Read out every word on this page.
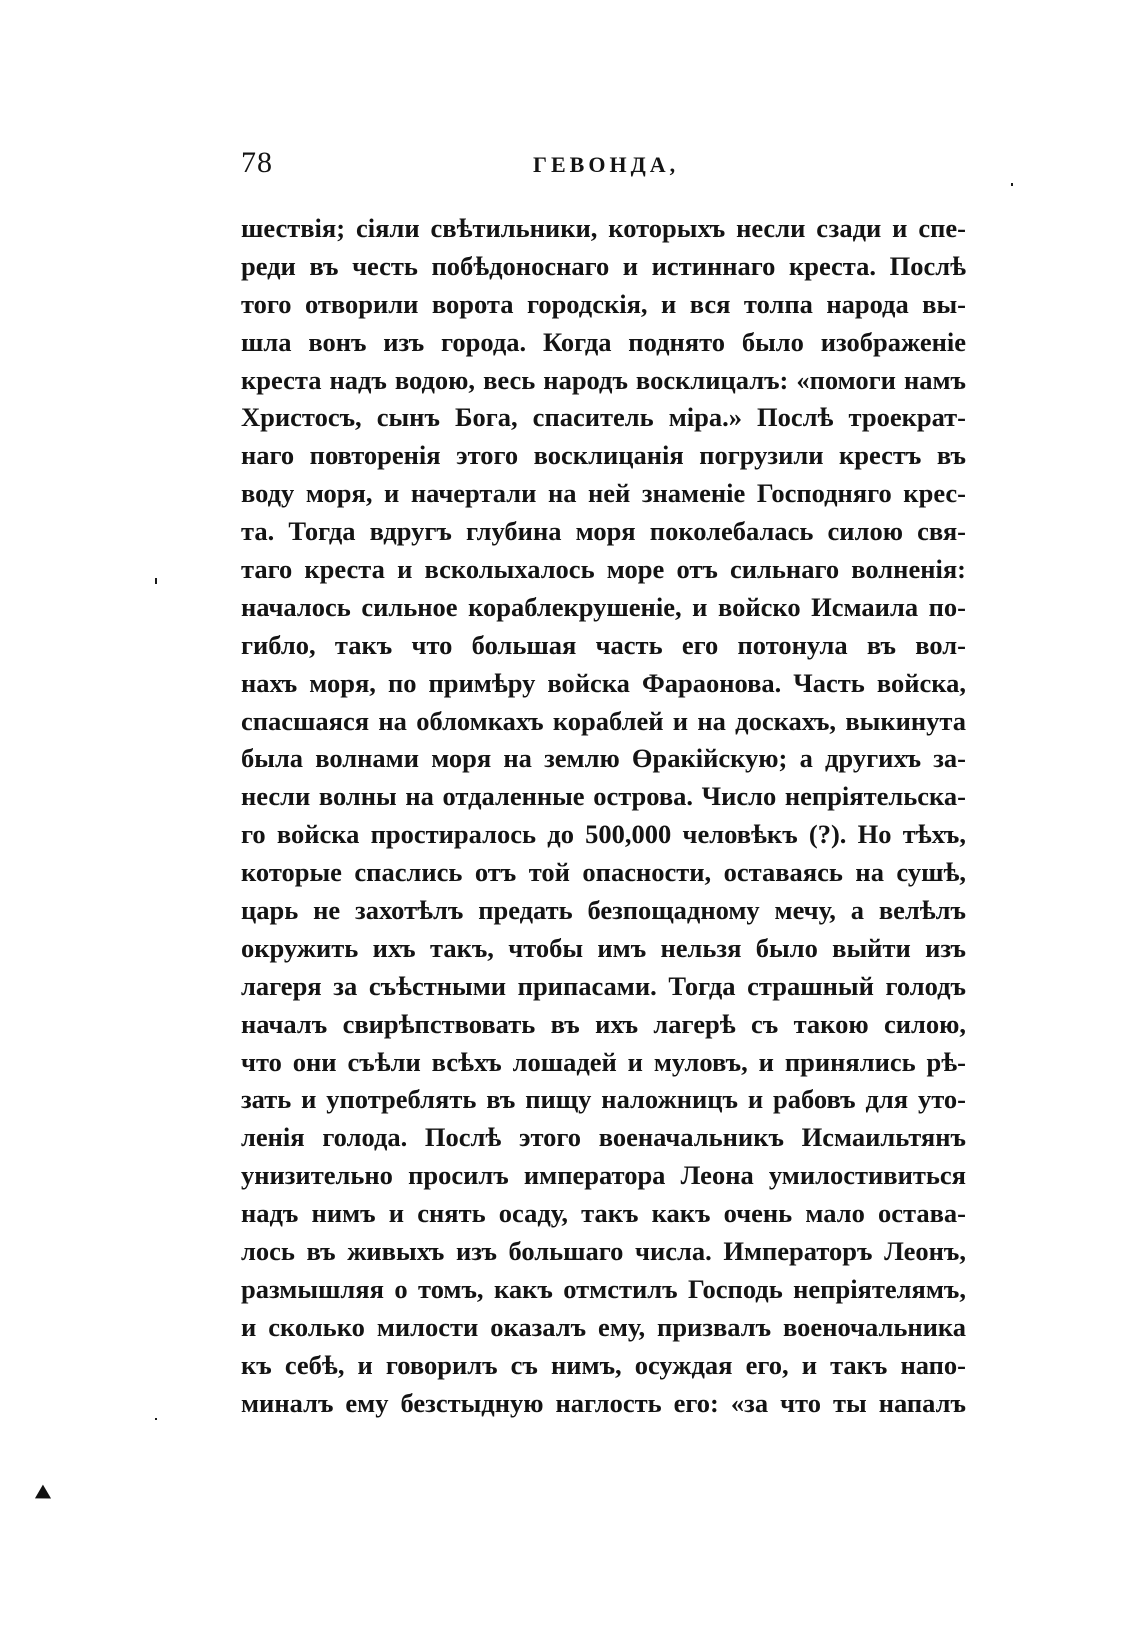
78	ГЕВОНДА,
шествія; сіяли свѣтильники, которыхъ несли сзади и спе-
реди въ честь побѣдоноснаго и истиннаго креста. Послѣ
того отворили ворота городскія, и вся толпа народа вы-
шла вонъ изъ города. Когда поднято было изображеніе
креста надъ водою, весь народъ восклицалъ: «помоги намъ
Христосъ, сынъ Бога, спаситель міра.» Послѣ троекрат-
наго повторенія этого восклицанія погрузили крестъ въ
воду моря, и начертали на ней знаменіе Господняго крес-
та. Тогда вдругъ глубина моря поколебалась силою свя-
таго креста и всколыхалось море отъ сильнаго волненія:
началось сильное кораблекрушеніе, и войско Исмаила по-
гибло, такъ что большая часть его потонула въ вол-
нахъ моря, по примѣру войска Фараонова. Часть войска,
спасшаяся на обломкахъ кораблей и на доскахъ, выкинута
была волнами моря на землю Өракійскую; а другихъ за-
несли волны на отдаленные острова. Число непріятельска-
го войска простиралось до 500,000 человѣкъ (?). Но тѣхъ,
которые спаслись отъ той опасности, оставаясь на сушѣ,
царь не захотѣлъ предать безпощадному мечу, а велѣлъ
окружить ихъ такъ, чтобы имъ нельзя было выйти изъ
лагеря за съѣстными припасами. Тогда страшный голодъ
началъ свирѣпствовать въ ихъ лагерѣ съ такою силою,
что они съѣли всѣхъ лошадей и муловъ, и принялись рѣ-
зать и употреблять въ пищу наложницъ и рабовъ для уто-
ленія голода. Послѣ этого военачальникъ Исмаильтянъ
унизительно просилъ императора Леона умилостивиться
надъ нимъ и снять осаду, такъ какъ очень мало остава-
лось въ живыхъ изъ большаго числа. Императоръ Леонъ,
размышляя о томъ, какъ отмстилъ Господь непріятелямъ,
и сколько милости оказалъ ему, призвалъ военочальника
къ себѣ, и говорилъ съ нимъ, осуждая его, и такъ напо-
миналъ ему безстыдную наглость его: «за что ты напалъ
